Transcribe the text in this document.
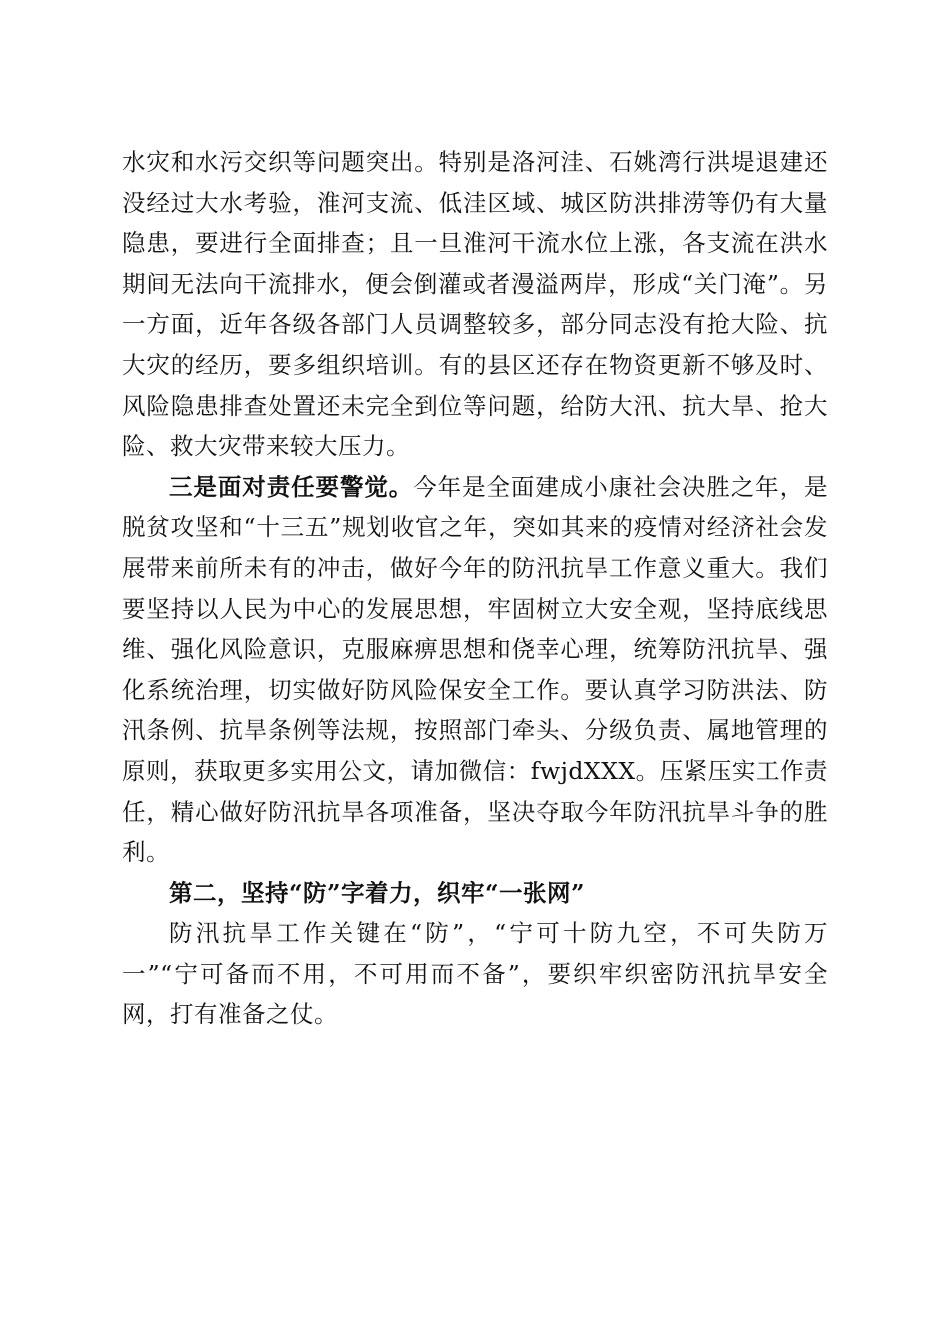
水灾和水污交织等问题突出。特别是洛河洼、石姚湾行洪堤退建还没经过大水考验，淮河支流、低洼区域、城区防洪排涝等仍有大量隐患，要进行全面排查；且一旦淮河干流水位上涨，各支流在洪水期间无法向干流排水，便会倒灌或者漫溢两岸，形成“关门淹”。另一方面，近年各级各部门人员调整较多，部分同志没有抢大险、抗大灾的经历，要多组织培训。有的县区还存在物资更新不够及时、风险隐患排查处置还未完全到位等问题，给防大汛、抗大旱、抢大险、救大灾带来较大压力。

三是面对责任要警觉。今年是全面建成小康社会决胜之年，是脱贫攻坚和“十三五”规划收官之年，突如其来的疫情对经济社会发展带来前所未有的冲击，做好今年的防汛抗旱工作意义重大。我们要坚持以人民为中心的发展思想，牢固树立大安全观，坚持底线思维、强化风险意识，克服麻痹思想和侥幸心理，统筹防汛抗旱、强化系统治理，切实做好防风险保安全工作。要认真学习防洪法、防汛条例、抗旱条例等法规，按照部门牵头、分级负责、属地管理的原则，获取更多实用公文，请加微信：fwjdXXX。压紧压实工作责任，精心做好防汛抗旱各项准备，坚决夺取今年防汛抗旱斗争的胜利。

第二，坚持“防”字着力，织牢“一张网”

防汛抗旱工作关键在“防”，“宁可十防九空，不可失防万一”“宁可备而不用，不可用而不备”，要织牢织密防汛抗旱安全网，打有准备之仗。
